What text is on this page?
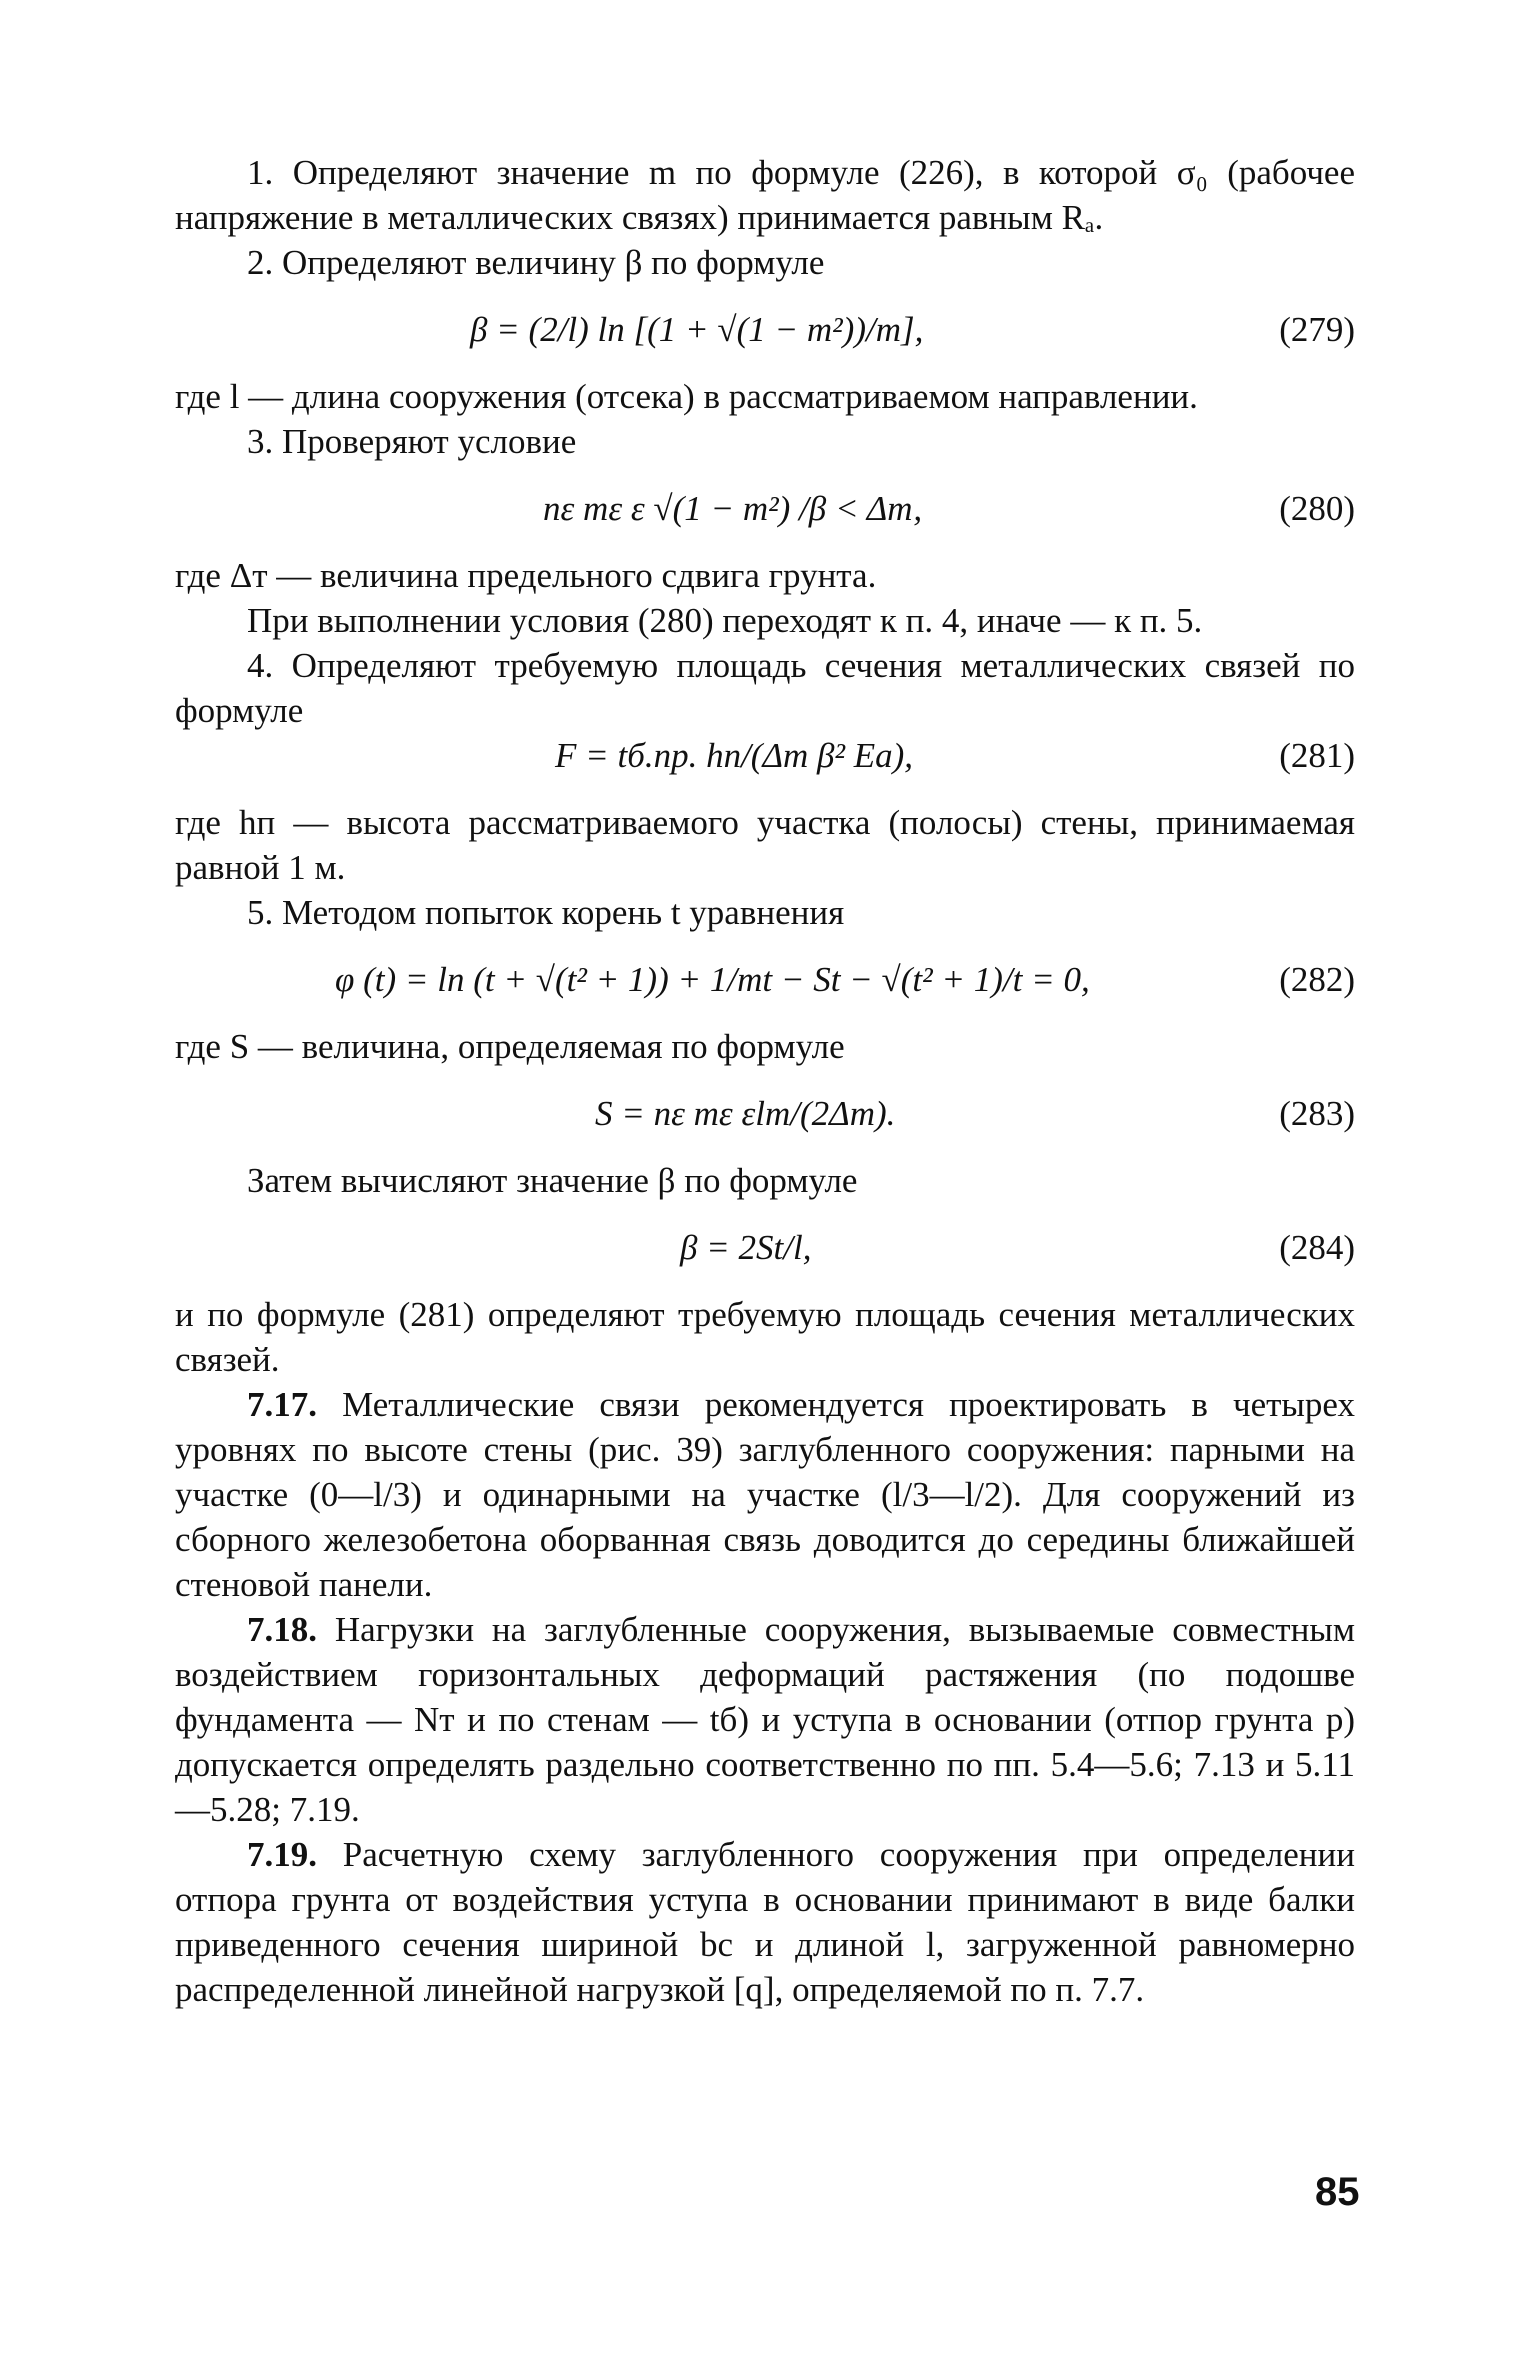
1. Определяют значение m по формуле (226), в которой σ₀ (рабочее напряжение в металлических связях) принимается равным Rₐ.

2. Определяют величину β по формуле

β = (2/l) ln [(1 + √(1 − m²))/m],	(279)

где l — длина сооружения (отсека) в рассматриваемом направлении.

3. Проверяют условие

nε mε ε √(1 − m²) /β < Δт,	(280)

где Δт — величина предельного сдвига грунта.

При выполнении условия (280) переходят к п. 4, иначе — к п. 5.

4. Определяют требуемую площадь сечения металлических связей по формуле

F = tб.пр. hп/(Δт β² Eа),	(281)

где hп — высота рассматриваемого участка (полосы) стены, принимаемая равной 1 м.

5. Методом попыток корень t уравнения

φ (t) = ln (t + √(t² + 1)) + 1/mt − St − √(t² + 1)/t = 0,	(282)

где S — величина, определяемая по формуле

S = nε mε εlm/(2Δт).	(283)

Затем вычисляют значение β по формуле

β = 2St/l,	(284)

и по формуле (281) определяют требуемую площадь сечения металлических связей.

7.17. Металлические связи рекомендуется проектировать в четырех уровнях по высоте стены (рис. 39) заглубленного сооружения: парными на участке (0—l/3) и одинарными на участке (l/3—l/2). Для сооружений из сборного железобетона оборванная связь доводится до середины ближайшей стеновой панели.

7.18. Нагрузки на заглубленные сооружения, вызываемые совместным воздействием горизонтальных деформаций растяжения (по подошве фундамента — Nт и по стенам — tб) и уступа в основании (отпор грунта p) допускается определять раздельно соответственно по пп. 5.4—5.6; 7.13 и 5.11—5.28; 7.19.

7.19. Расчетную схему заглубленного сооружения при определении отпора грунта от воздействия уступа в основании принимают в виде балки приведенного сечения шириной bс и длиной l, загруженной равномерно распределенной линейной нагрузкой [q], определяемой по п. 7.7.

85
